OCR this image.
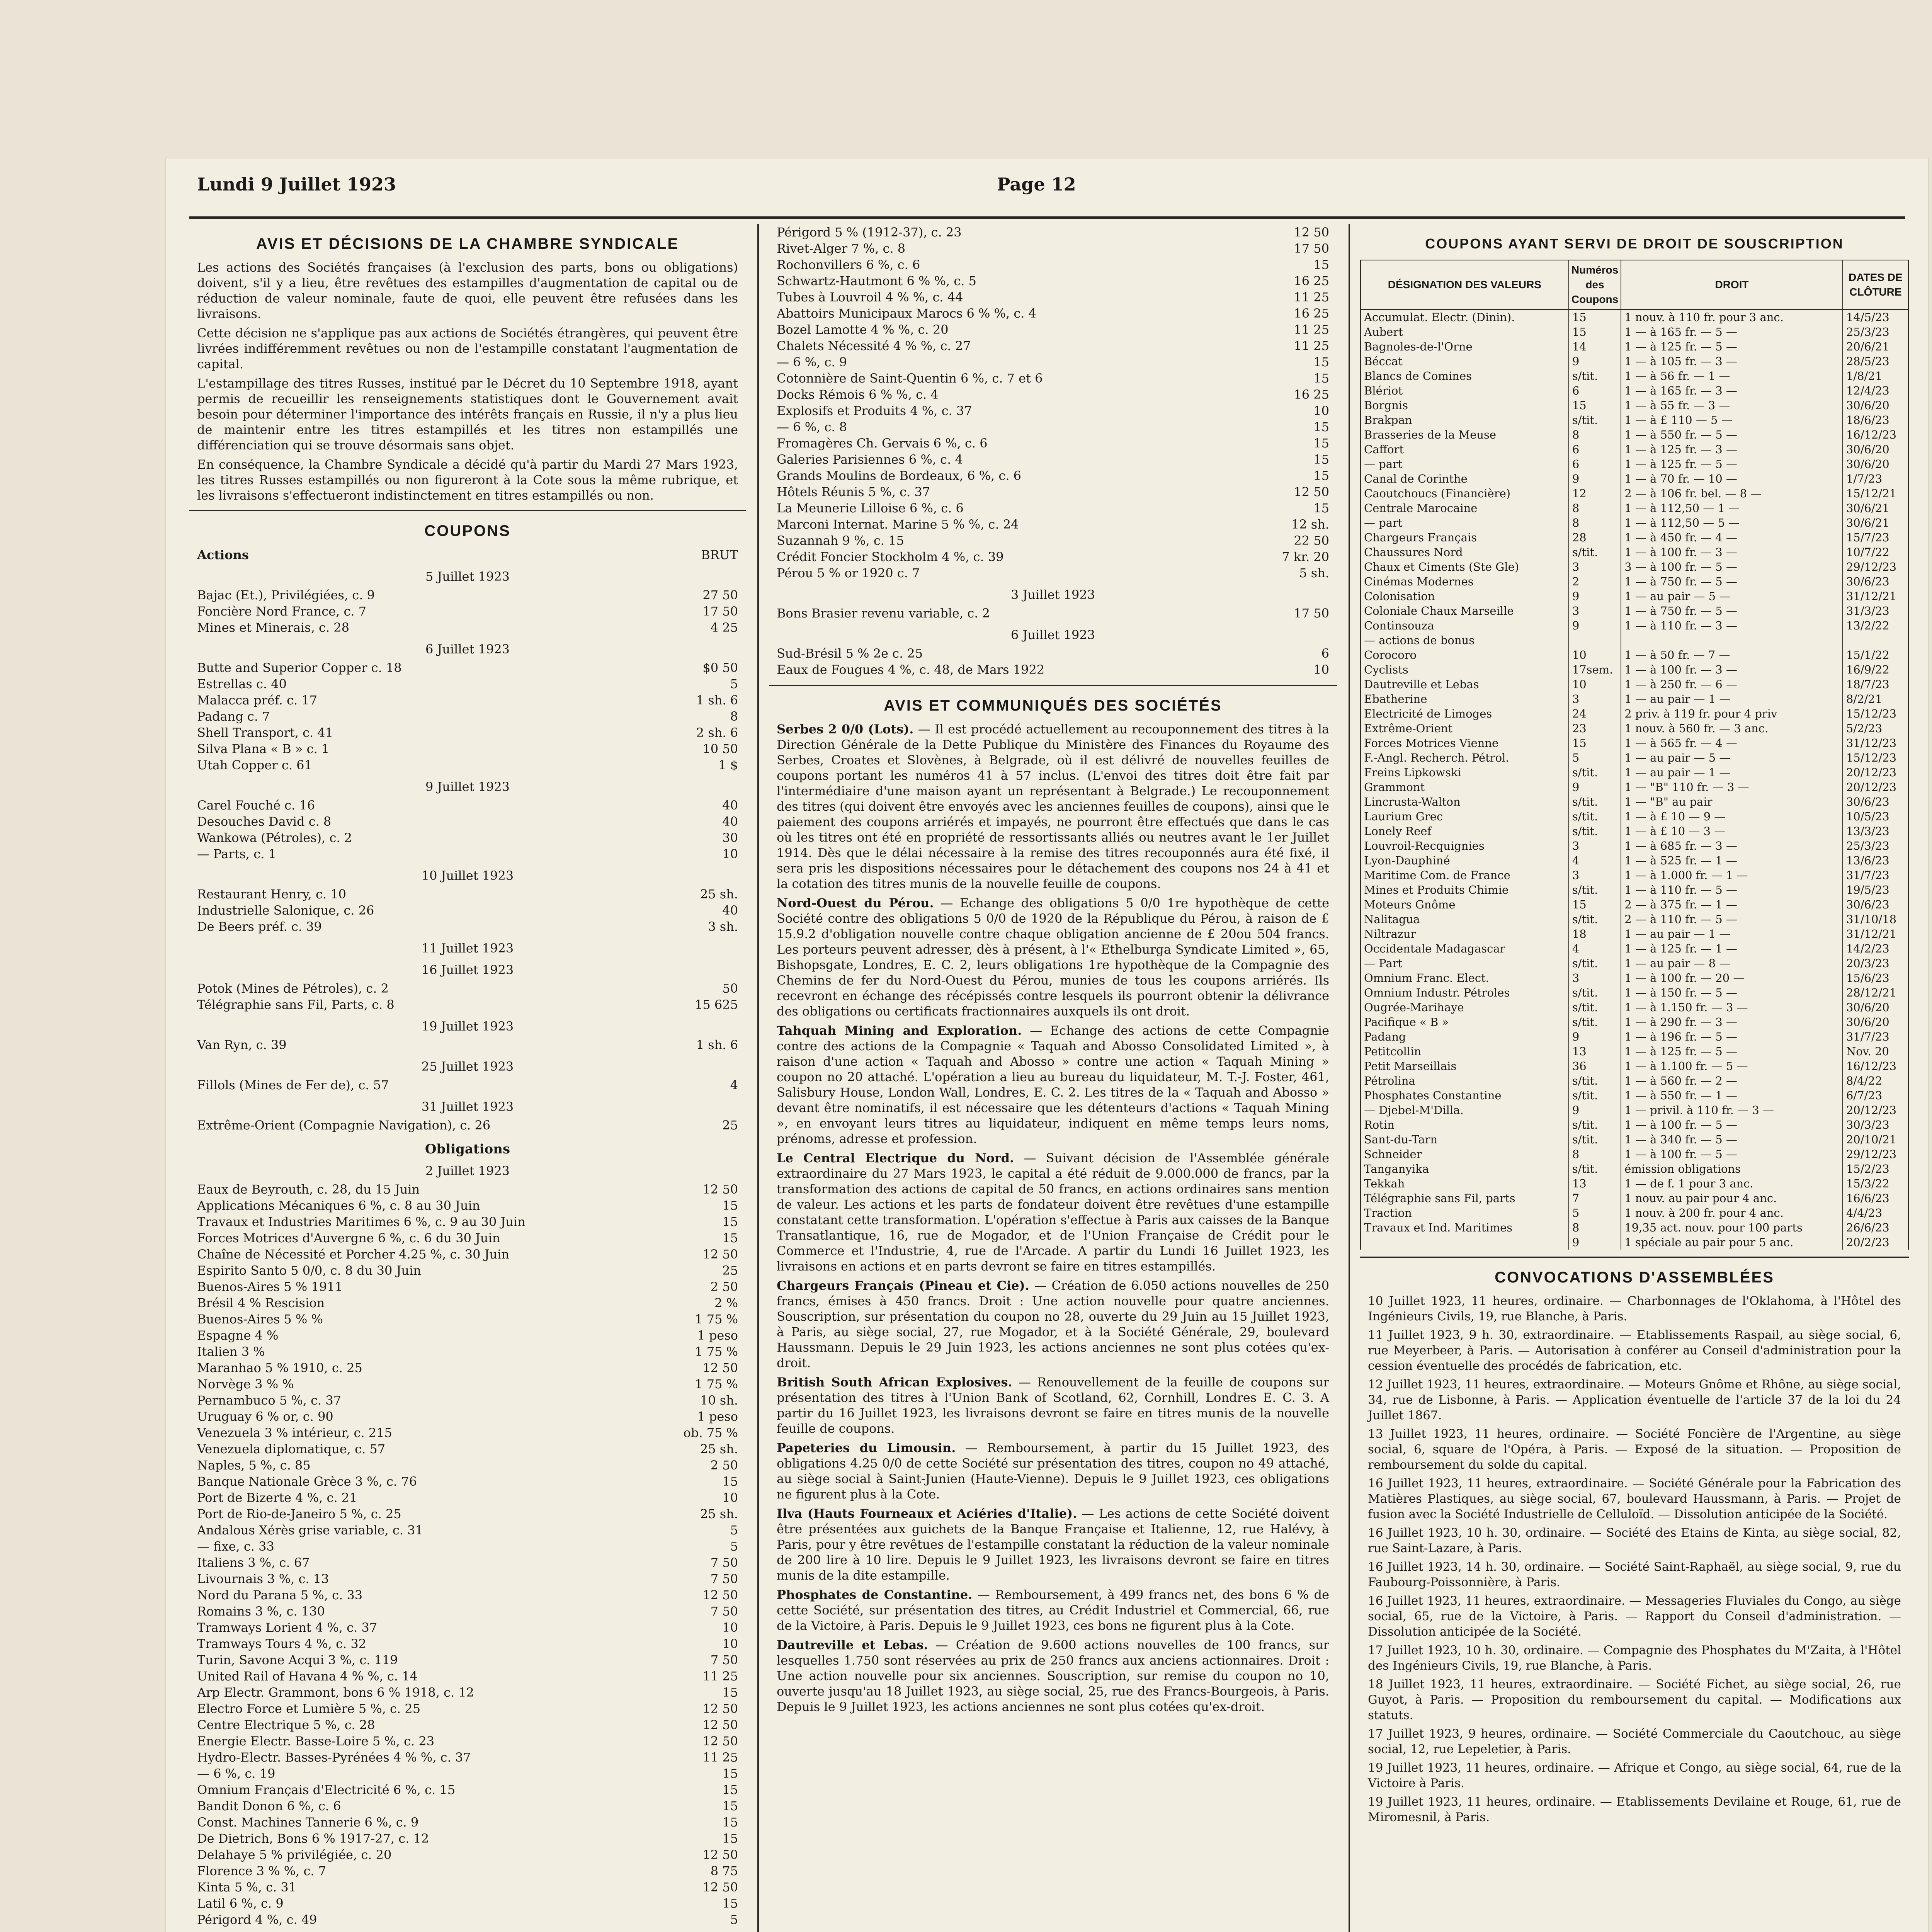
Lundi 9 Juillet 1923	Page 12
AVIS ET DÉCISIONS DE LA CHAMBRE SYNDICALE

Les actions des Sociétés françaises (à l'exclusion des parts, bons ou obligations) doivent, s'il y a lieu, être revêtues des estampilles d'augmentation de capital ou de réduction de valeur nominale, faute de quoi, elle peuvent être refusées dans les livraisons.

Cette décision ne s'applique pas aux actions de Sociétés étrangères, qui peuvent être livrées indifféremment revêtues ou non de l'estampille constatant l'augmentation de capital.

L'estampillage des titres Russes, institué par le Décret du 10 Septembre 1918, ayant permis de recueillir les renseignements statistiques dont le Gouvernement avait besoin pour déterminer l'importance des intérêts français en Russie, il n'y a plus lieu de maintenir entre les titres estampillés et les titres non estampillés une différenciation qui se trouve désormais sans objet.

En conséquence, la Chambre Syndicale a décidé qu'à partir du Mardi 27 Mars 1923, les titres Russes estampillés ou non figureront à la Cote sous la même rubrique, et les livraisons s'effectueront indistinctement en titres estampillés ou non.

COUPONS
Actions	BRUT
5 Juillet 1923
Bajac (Et.), Privilégiées, c. 9	27 50
Foncière Nord France, c. 7	17 50
Mines et Minerais, c. 28	4 25
6 Juillet 1923
Butte and Superior Copper c. 18	$0 50
Estrellas c. 40	5
Malacca préf. c. 17	1 sh. 6
Padang c. 7	8
Shell Transport, c. 41	2 sh. 6
Silva Plana « B » c. 1	10 50
Utah Copper c. 61	1 $
9 Juillet 1923
Carel Fouché c. 16	40
Desouches David c. 8	40
Wankowa (Pétroles), c. 2	30
— Parts, c. 1	10
10 Juillet 1923
Restaurant Henry, c. 10	25 sh.
Industrielle Salonique, c. 26	40
De Beers préf. c. 39	3 sh.
11 Juillet 1923
16 Juillet 1923
Potok (Mines de Pétroles), c. 2	50
Télégraphie sans Fil, Parts, c. 8	15 625
19 Juillet 1923
Van Ryn, c. 39	1 sh. 6
25 Juillet 1923
Fillols (Mines de Fer de), c. 57	4
31 Juillet 1923
Extrême-Orient (Compagnie Navigation), c. 26	25
Obligations
2 Juillet 1923
Eaux de Beyrouth, c. 28, du 15 Juin	12 50
Applications Mécaniques 6 %, c. 8 au 30 Juin	15
Travaux et Industries Maritimes 6 %, c. 9 au 30 Juin	15
Forces Motrices d'Auvergne 6 %, c. 6 du 30 Juin	15
Chaîne de Nécessité et Porcher 4.25 %, c. 30 Juin	12 50
Espirito Santo 5 0/0, c. 8 du 30 Juin	25
Buenos-Aires 5 % 1911	2 50
Brésil 4 % Rescision	2 %
Buenos-Aires 5 % %	1 75 %
Espagne 4 %	1 peso
Italien 3 %	1 75 %
Maranhao 5 % 1910, c. 25	12 50
Norvège 3 % %	1 75 %
Pernambuco 5 %, c. 37	10 sh.
Uruguay 6 % or, c. 90	1 peso
Venezuela 3 % intérieur, c. 215	ob. 75 %
Venezuela diplomatique, c. 57	25 sh.
Naples, 5 %, c. 85	2 50
Banque Nationale Grèce 3 %, c. 76	15
Port de Bizerte 4 %, c. 21	10
Port de Rio-de-Janeiro 5 %, c. 25	25 sh.
Andalous Xérès grise variable, c. 31	5
— fixe, c. 33	5
Italiens 3 %, c. 67	7 50
Livournais 3 %, c. 13	7 50
Nord du Parana 5 %, c. 33	12 50
Romains 3 %, c. 130	7 50
Tramways Lorient 4 %, c. 37	10
Tramways Tours 4 %, c. 32	10
Turin, Savone Acqui 3 %, c. 119	7 50
United Rail of Havana 4 % %, c. 14	11 25
Arp Electr. Grammont, bons 6 % 1918, c. 12	15
Electro Force et Lumière 5 %, c. 25	12 50
Centre Electrique 5 %, c. 28	12 50
Energie Electr. Basse-Loire 5 %, c. 23	12 50
Hydro-Electr. Basses-Pyrénées 4 % %, c. 37	11 25
— 6 %, c. 19	15
Omnium Français d'Electricité 6 %, c. 15	15
Bandit Donon 6 %, c. 6	15
Const. Machines Tannerie 6 %, c. 9	15
De Dietrich, Bons 6 % 1917-27, c. 12	15
Delahaye 5 % privilégiée, c. 20	12 50
Florence 3 % %, c. 7	8 75
Kinta 5 %, c. 31	12 50
Latil 6 %, c. 9	15
Périgord 4 %, c. 49	5
Périgord 5 % (1912-37), c. 23	12 50
Rivet-Alger 7 %, c. 8	17 50
Rochonvillers 6 %, c. 6	15
Schwartz-Hautmont 6 % %, c. 5	16 25
Tubes à Louvroil 4 % %, c. 44	11 25
Abattoirs Municipaux Marocs 6 % %, c. 4	16 25
Bozel Lamotte 4 % %, c. 20	11 25
Chalets Nécessité 4 % %, c. 27	11 25
— 6 %, c. 9	15
Cotonnière de Saint-Quentin 6 %, c. 7 et 6	15
Docks Rémois 6 % %, c. 4	16 25
Explosifs et Produits 4 %, c. 37	10
— 6 %, c. 8	15
Fromagères Ch. Gervais 6 %, c. 6	15
Galeries Parisiennes 6 %, c. 4	15
Grands Moulins de Bordeaux, 6 %, c. 6	15
Hôtels Réunis 5 %, c. 37	12 50
La Meunerie Lilloise 6 %, c. 6	15
Marconi Internat. Marine 5 % %, c. 24	12 sh.
Suzannah 9 %, c. 15	22 50
Crédit Foncier Stockholm 4 %, c. 39	7 kr. 20
Pérou 5 % or 1920 c. 7	5 sh.
3 Juillet 1923
Bons Brasier revenu variable, c. 2	17 50
6 Juillet 1923
Sud-Brésil 5 % 2e c. 25	6
Eaux de Fougues 4 %, c. 48, de Mars 1922	10
AVIS ET COMMUNIQUÉS DES SOCIÉTÉS

Serbes 2 0/0 (Lots). — Il est procédé actuellement au recouponnement des titres à la Direction Générale de la Dette Publique du Ministère des Finances du Royaume des Serbes, Croates et Slovènes, à Belgrade, où il est délivré de nouvelles feuilles de coupons portant les numéros 41 à 57 inclus. (L'envoi des titres doit être fait par l'intermédiaire d'une maison ayant un représentant à Belgrade.) Le recouponnement des titres (qui doivent être envoyés avec les anciennes feuilles de coupons), ainsi que le paiement des coupons arriérés et impayés, ne pourront être effectués que dans le cas où les titres ont été en propriété de ressortissants alliés ou neutres avant le 1er Juillet 1914. Dès que le délai nécessaire à la remise des titres recouponnés aura été fixé, il sera pris les dispositions nécessaires pour le détachement des coupons nos 24 à 41 et la cotation des titres munis de la nouvelle feuille de coupons.

Nord-Ouest du Pérou. — Echange des obligations 5 0/0 1re hypothèque de cette Société contre des obligations 5 0/0 de 1920 de la République du Pérou, à raison de £ 15.9.2 d'obligation nouvelle contre chaque obligation ancienne de £ 20ou 504 francs. Les porteurs peuvent adresser, dès à présent, à l'« Ethelburga Syndicate Limited », 65, Bishopsgate, Londres, E. C. 2, leurs obligations 1re hypothèque de la Compagnie des Chemins de fer du Nord-Ouest du Pérou, munies de tous les coupons arriérés. Ils recevront en échange des récépissés contre lesquels ils pourront obtenir la délivrance des obligations ou certificats fractionnaires auxquels ils ont droit.

Tahquah Mining and Exploration. — Echange des actions de cette Compagnie contre des actions de la Compagnie « Taquah and Abosso Consolidated Limited », à raison d'une action « Taquah and Abosso » contre une action « Taquah Mining » coupon no 20 attaché. L'opération a lieu au bureau du liquidateur, M. T.-J. Foster, 461, Salisbury House, London Wall, Londres, E. C. 2. Les titres de la « Taquah and Abosso » devant être nominatifs, il est nécessaire que les détenteurs d'actions « Taquah Mining », en envoyant leurs titres au liquidateur, indiquent en même temps leurs noms, prénoms, adresse et profession.

Le Central Electrique du Nord. — Suivant décision de l'Assemblée générale extraordinaire du 27 Mars 1923, le capital a été réduit de 9.000.000 de francs, par la transformation des actions de capital de 50 francs, en actions ordinaires sans mention de valeur. Les actions et les parts de fondateur doivent être revêtues d'une estampille constatant cette transformation. L'opération s'effectue à Paris aux caisses de la Banque Transatlantique, 16, rue de Mogador, et de l'Union Française de Crédit pour le Commerce et l'Industrie, 4, rue de l'Arcade. A partir du Lundi 16 Juillet 1923, les livraisons en actions et en parts devront se faire en titres estampillés.

Chargeurs Français (Pineau et Cie). — Création de 6.050 actions nouvelles de 250 francs, émises à 450 francs. Droit : Une action nouvelle pour quatre anciennes. Souscription, sur présentation du coupon no 28, ouverte du 29 Juin au 15 Juillet 1923, à Paris, au siège social, 27, rue Mogador, et à la Société Générale, 29, boulevard Haussmann. Depuis le 29 Juin 1923, les actions anciennes ne sont plus cotées qu'ex-droit.

British South African Explosives. — Renouvellement de la feuille de coupons sur présentation des titres à l'Union Bank of Scotland, 62, Cornhill, Londres E. C. 3. A partir du 16 Juillet 1923, les livraisons devront se faire en titres munis de la nouvelle feuille de coupons.

Papeteries du Limousin. — Remboursement, à partir du 15 Juillet 1923, des obligations 4.25 0/0 de cette Société sur présentation des titres, coupon no 49 attaché, au siège social à Saint-Junien (Haute-Vienne). Depuis le 9 Juillet 1923, ces obligations ne figurent plus à la Cote.

Ilva (Hauts Fourneaux et Aciéries d'Italie). — Les actions de cette Société doivent être présentées aux guichets de la Banque Française et Italienne, 12, rue Halévy, à Paris, pour y être revêtues de l'estampille constatant la réduction de la valeur nominale de 200 lire à 10 lire. Depuis le 9 Juillet 1923, les livraisons devront se faire en titres munis de la dite estampille.

Phosphates de Constantine. — Remboursement, à 499 francs net, des bons 6 % de cette Société, sur présentation des titres, au Crédit Industriel et Commercial, 66, rue de la Victoire, à Paris. Depuis le 9 Juillet 1923, ces bons ne figurent plus à la Cote.

Dautreville et Lebas. — Création de 9.600 actions nouvelles de 100 francs, sur lesquelles 1.750 sont réservées au prix de 250 francs aux anciens actionnaires. Droit : Une action nouvelle pour six anciennes. Souscription, sur remise du coupon no 10, ouverte jusqu'au 18 Juillet 1923, au siège social, 25, rue des Francs-Bourgeois, à Paris. Depuis le 9 Juillet 1923, les actions anciennes ne sont plus cotées qu'ex-droit.

COUPONS AYANT SERVI DE DROIT DE SOUSCRIPTION
DÉSIGNATION DES VALEURS	Numéros des Coupons	DROIT	DATES DE CLÔTURE
Accumulat. Electr. (Dinin).	15	1 nouv. à 110 fr. pour 3 anc.	14/5/23
Aubert	15	1 — à 165 fr. — 5 —	25/3/23
Bagnoles-de-l'Orne	14	1 — à 125 fr. — 5 —	20/6/21
Béccat	9	1 — à 105 fr. — 3 —	28/5/23
Blancs de Comines	s/tit.	1 — à 56 fr. — 1 —	1/8/21
Blériot	6	1 — à 165 fr. — 3 —	12/4/23
Borgnis	15	1 — à 55 fr. — 3 —	30/6/20
Brakpan	s/tit.	1 — à £ 110 — 5 —	18/6/23
Brasseries de la Meuse	8	1 — à 550 fr. — 5 —	16/12/23
Caffort	6	1 — à 125 fr. — 3 —	30/6/20
— part	6	1 — à 125 fr. — 5 —	30/6/20
Canal de Corinthe	9	1 — à 70 fr. — 10 —	1/7/23
Caoutchoucs (Financière)	12	2 — à 106 fr. bel. — 8 —	15/12/21
Centrale Marocaine	8	1 — à 112,50 — 1 —	30/6/21
— part	8	1 — à 112,50 — 5 —	30/6/21
Chargeurs Français	28	1 — à 450 fr. — 4 —	15/7/23
Chaussures Nord	s/tit.	1 — à 100 fr. — 3 —	10/7/22
Chaux et Ciments (Ste Gle)	3	3 — à 100 fr. — 5 —	29/12/23
Cinémas Modernes	2	1 — à 750 fr. — 5 —	30/6/23
Colonisation	9	1 — au pair — 5 —	31/12/21
Coloniale Chaux Marseille	3	1 — à 750 fr. — 5 —	31/3/23
Continsouza	9	1 — à 110 fr. — 3 —	13/2/22
— actions de bonus			
Corocoro	10	1 — à 50 fr. — 7 —	15/1/22
Cyclists	17sem.	1 — à 100 fr. — 3 —	16/9/22
Dautreville et Lebas	10	1 — à 250 fr. — 6 —	18/7/23
Ebatherine	3	1 — au pair — 1 —	8/2/21
Electricité de Limoges	24	2 priv. à 119 fr. pour 4 priv	15/12/23
Extrême-Orient	23	1 nouv. à 560 fr. — 3 anc.	5/2/23
Forces Motrices Vienne	15	1 — à 565 fr. — 4 —	31/12/23
F.-Angl. Recherch. Pétrol.	5	1 — au pair — 5 —	15/12/23
Freins Lipkowski	s/tit.	1 — au pair — 1 —	20/12/23
Grammont	9	1 — "B" 110 fr. — 3 —	20/12/23
Lincrusta-Walton	s/tit.	1 — "B" au pair	30/6/23
Laurium Grec	s/tit.	1 — à £ 10 — 9 —	10/5/23
Lonely Reef	s/tit.	1 — à £ 10 — 3 —	13/3/23
Louvroil-Recquignies	3	1 — à 685 fr. — 3 —	25/3/23
Lyon-Dauphiné	4	1 — à 525 fr. — 1 —	13/6/23
Maritime Com. de France	3	1 — à 1.000 fr. — 1 —	31/7/23
Mines et Produits Chimie	s/tit.	1 — à 110 fr. — 5 —	19/5/23
Moteurs Gnôme	15	2 — à 375 fr. — 1 —	30/6/23
Nalitagua	s/tit.	2 — à 110 fr. — 5 —	31/10/18
Niltrazur	18	1 — au pair — 1 —	31/12/21
Occidentale Madagascar	4	1 — à 125 fr. — 1 —	14/2/23
— Part	s/tit.	1 — au pair — 8 —	20/3/23
Omnium Franc. Elect.	3	1 — à 100 fr. — 20 —	15/6/23
Omnium Industr. Pétroles	s/tit.	1 — à 150 fr. — 5 —	28/12/21
Ougrée-Marihaye	s/tit.	1 — à 1.150 fr. — 3 —	30/6/20
Pacifique « B »	s/tit.	1 — à 290 fr. — 3 —	30/6/20
Padang	9	1 — à 196 fr. — 5 —	31/7/23
Petitcollin	13	1 — à 125 fr. — 5 —	Nov. 20
Petit Marseillais	36	1 — à 1.100 fr. — 5 —	16/12/23
Pétrolina	s/tit.	1 — à 560 fr. — 2 —	8/4/22
Phosphates Constantine	s/tit.	1 — à 550 fr. — 1 —	6/7/23
— Djebel-M'Dilla.	9	1 — privil. à 110 fr. — 3 —	20/12/23
Rotin	s/tit.	1 — à 100 fr. — 5 —	30/3/23
Sant-du-Tarn	s/tit.	1 — à 340 fr. — 5 —	20/10/21
Schneider	8	1 — à 100 fr. — 5 —	29/12/23
Tanganyika	s/tit.	émission obligations	15/2/23
Tekkah	13	1 — de f. 1 pour 3 anc.	15/3/22
Télégraphie sans Fil, parts	7	1 nouv. au pair pour 4 anc.	16/6/23
Traction	5	1 nouv. à 200 fr. pour 4 anc.	4/4/23
Travaux et Ind. Maritimes	8	19,35 act. nouv. pour 100 parts	26/6/23
	9	1 spéciale au pair pour 5 anc.	20/2/23
CONVOCATIONS D'ASSEMBLÉES

10 Juillet 1923, 11 heures, ordinaire. — Charbonnages de l'Oklahoma, à l'Hôtel des Ingénieurs Civils, 19, rue Blanche, à Paris.

11 Juillet 1923, 9 h. 30, extraordinaire. — Etablissements Raspail, au siège social, 6, rue Meyerbeer, à Paris. — Autorisation à conférer au Conseil d'administration pour la cession éventuelle des procédés de fabrication, etc.

12 Juillet 1923, 11 heures, extraordinaire. — Moteurs Gnôme et Rhône, au siège social, 34, rue de Lisbonne, à Paris. — Application éventuelle de l'article 37 de la loi du 24 Juillet 1867.

13 Juillet 1923, 11 heures, ordinaire. — Société Foncière de l'Argentine, au siège social, 6, square de l'Opéra, à Paris. — Exposé de la situation. — Proposition de remboursement du solde du capital.

16 Juillet 1923, 11 heures, extraordinaire. — Société Générale pour la Fabrication des Matières Plastiques, au siège social, 67, boulevard Haussmann, à Paris. — Projet de fusion avec la Société Industrielle de Celluloïd. — Dissolution anticipée de la Société.

16 Juillet 1923, 10 h. 30, ordinaire. — Société des Etains de Kinta, au siège social, 82, rue Saint-Lazare, à Paris.

16 Juillet 1923, 14 h. 30, ordinaire. — Société Saint-Raphaël, au siège social, 9, rue du Faubourg-Poissonnière, à Paris.

16 Juillet 1923, 11 heures, extraordinaire. — Messageries Fluviales du Congo, au siège social, 65, rue de la Victoire, à Paris. — Rapport du Conseil d'administration. — Dissolution anticipée de la Société.

17 Juillet 1923, 10 h. 30, ordinaire. — Compagnie des Phosphates du M'Zaita, à l'Hôtel des Ingénieurs Civils, 19, rue Blanche, à Paris.

18 Juillet 1923, 11 heures, extraordinaire. — Société Fichet, au siège social, 26, rue Guyot, à Paris. — Proposition du remboursement du capital. — Modifications aux statuts.

17 Juillet 1923, 9 heures, ordinaire. — Société Commerciale du Caoutchouc, au siège social, 12, rue Lepeletier, à Paris.

19 Juillet 1923, 11 heures, ordinaire. — Afrique et Congo, au siège social, 64, rue de la Victoire à Paris.

19 Juillet 1923, 11 heures, ordinaire. — Etablissements Devilaine et Rouge, 61, rue de Miromesnil, à Paris.
